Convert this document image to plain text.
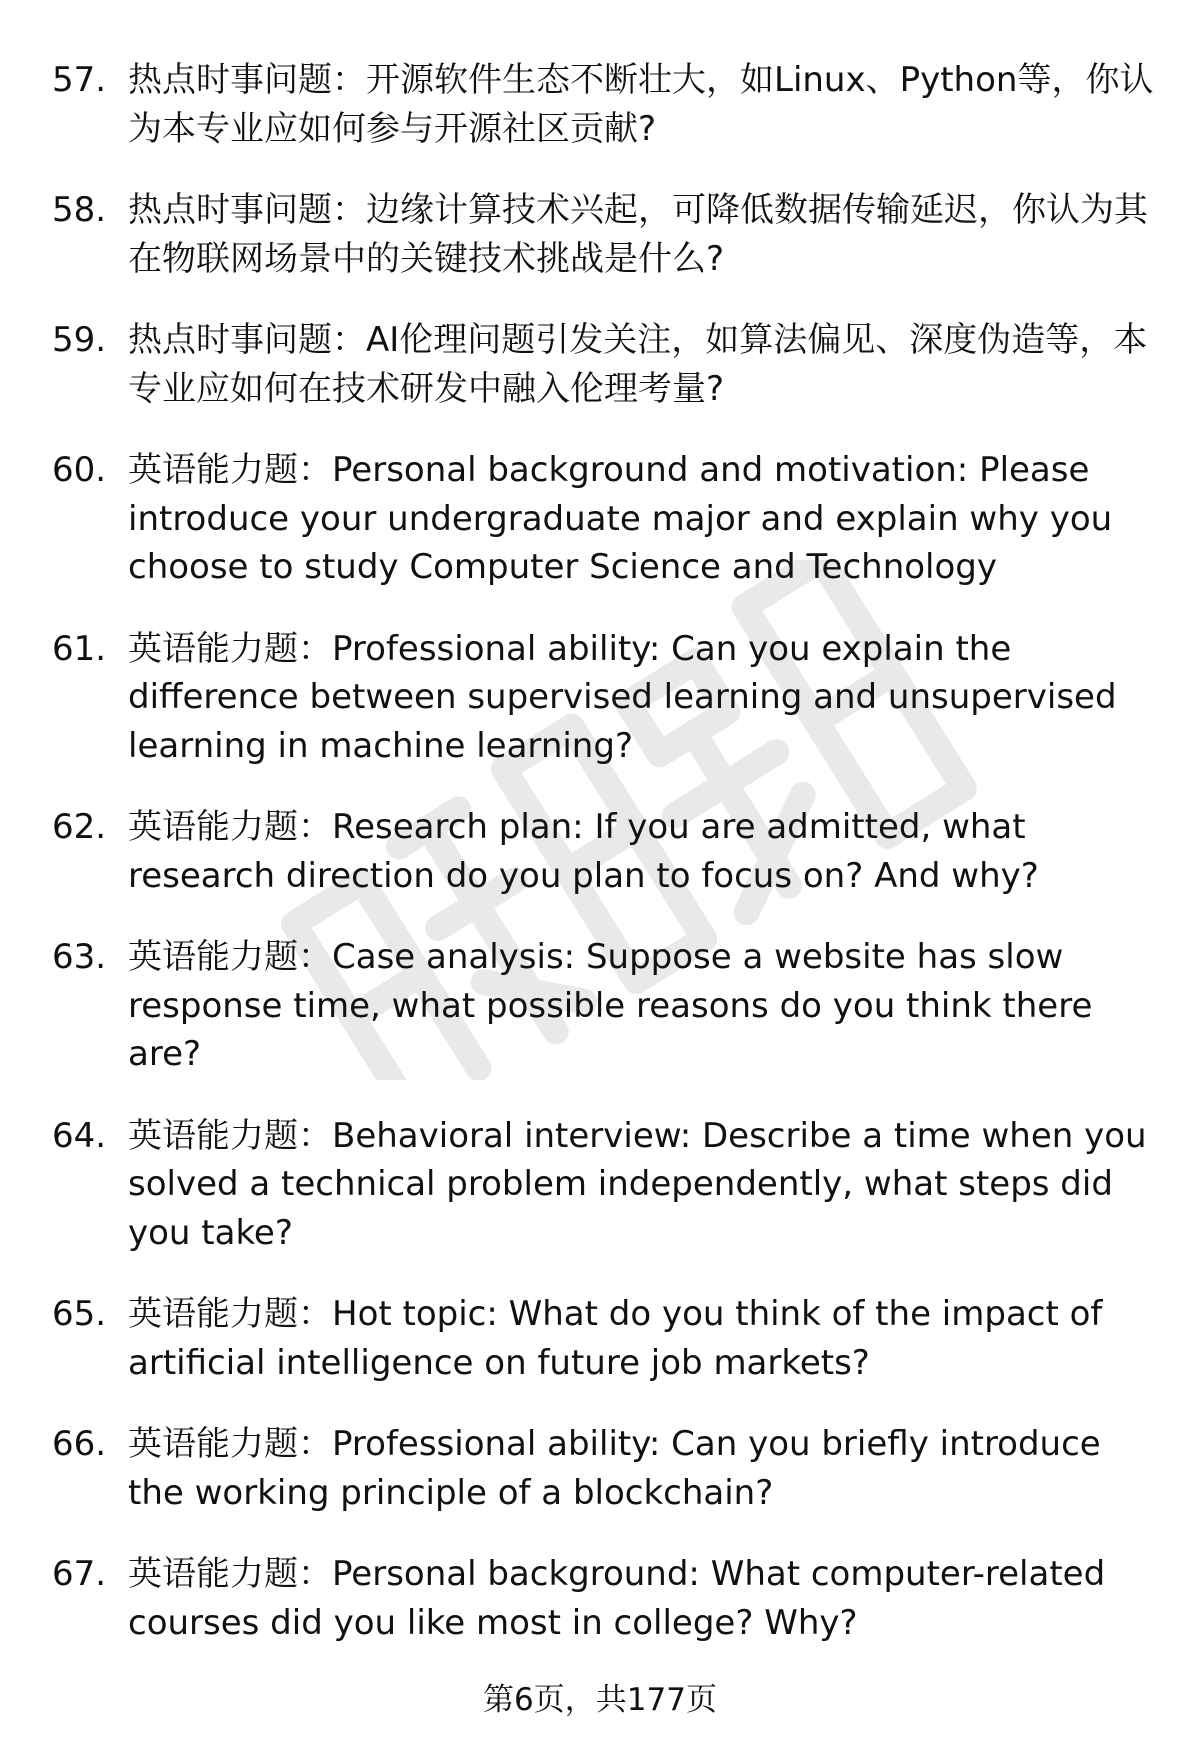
57. 热点时事问题：开源软件生态不断壮大，如Linux、Python等，你认为本专业应如何参与开源社区贡献?
58. 热点时事问题：边缘计算技术兴起，可降低数据传输延迟，你认为其在物联网场景中的关键技术挑战是什么?
59. 热点时事问题：AI伦理问题引发关注，如算法偏见、深度伪造等，本专业应如何在技术研发中融入伦理考量?
60. 英语能力题：Personal background and motivation: Please introduce your undergraduate major and explain why you choose to study Computer Science and Technology
61. 英语能力题：Professional ability: Can you explain the difference between supervised learning and unsupervised learning in machine learning?
62. 英语能力题：Research plan: If you are admitted, what research direction do you plan to focus on? And why?
63. 英语能力题：Case analysis: Suppose a website has slow response time, what possible reasons do you think there are?
64. 英语能力题：Behavioral interview: Describe a time when you solved a technical problem independently, what steps did you take?
65. 英语能力题：Hot topic: What do you think of the impact of artificial intelligence on future job markets?
66. 英语能力题：Professional ability: Can you briefly introduce the working principle of a blockchain?
67. 英语能力题：Personal background: What computer-related courses did you like most in college? Why?
第6页，共177页
